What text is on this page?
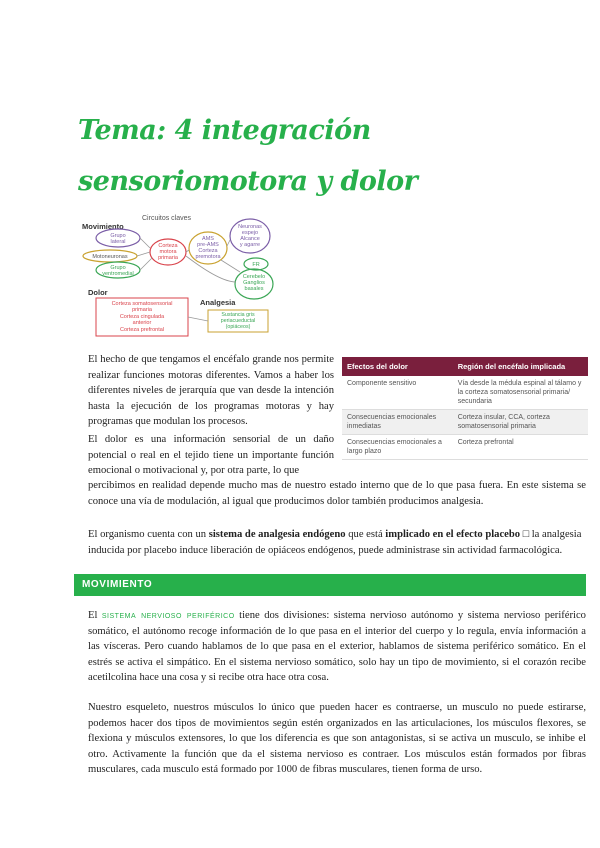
Tema: 4 integración sensoriomotora y dolor
Circuitos claves
Movimiento
Grupo
lateral
Motoneuronas
Grupo
ventromedial
Corteza
motora
primaria
AMS
pre-AMS
Corteza
premotora
Neuronas
espejo
Alcance
y agarre
FR
Cerebelo
Ganglios
basales
Dolor
Analgesia
Corteza somatosensorial
primaria
Corteza cingulada
anterior
Corteza prefrontal
Sustancia gris
periacueductal
(opiáceos)

El hecho de que tengamos el encéfalo grande nos permite realizar funciones motoras diferentes. Vamos a haber los diferentes niveles de jerarquía que van desde la intención hasta la ejecución de los programas motoras y hay programas que modulan los procesos.

Efectos del dolor	Región del encéfalo implicada
Componente sensitivo	Vía desde la médula espinal al tálamo y la corteza somatosensorial primaria/ secundaria
Consecuencias emocionales inmediatas	Corteza insular, CCA, corteza somatosensorial primaria
Consecuencias emocionales a largo plazo	Corteza prefrontal

El dolor es una información sensorial de un daño potencial o real en el tejido tiene un importante función emocional o motivacional y, por otra parte, lo que

percibimos en realidad depende mucho mas de nuestro estado interno que de lo que pasa fuera. En este sistema se conoce una vía de modulación, al igual que producimos dolor también producimos analgesia.

El organismo cuenta con un sistema de analgesia endógeno que está implicado en el efecto placebo □ la analgesia inducida por placebo induce liberación de opiáceos endógenos, puede administrase sin actividad farmacológica.

MOVIMIENTO

El sistema nervioso periférico tiene dos divisiones: sistema nervioso autónomo y sistema nervioso periférico somático, el autónomo recoge información de lo que pasa en el interior del cuerpo y lo regula, envía información a las vísceras. Pero cuando hablamos de lo que pasa en el exterior, hablamos de sistema periférico somático. En el estrés se activa el simpático. En el sistema nervioso somático, solo hay un tipo de movimiento, si el corazón recibe acetilcolina hace una cosa y si recibe otra hace otra cosa.

Nuestro esqueleto, nuestros músculos lo único que pueden hacer es contraerse, un musculo no puede estirarse, podemos hacer dos tipos de movimientos según estén organizados en las articulaciones, los músculos flexores, se flexiona y músculos extensores, lo que los diferencia es que son antagonistas, si se activa un musculo, se inhibe el otro. Activamente la función que da el sistema nervioso es contraer. Los músculos están formados por fibras musculares, cada musculo está formado por 1000 de fibras musculares, tienen forma de urso.
